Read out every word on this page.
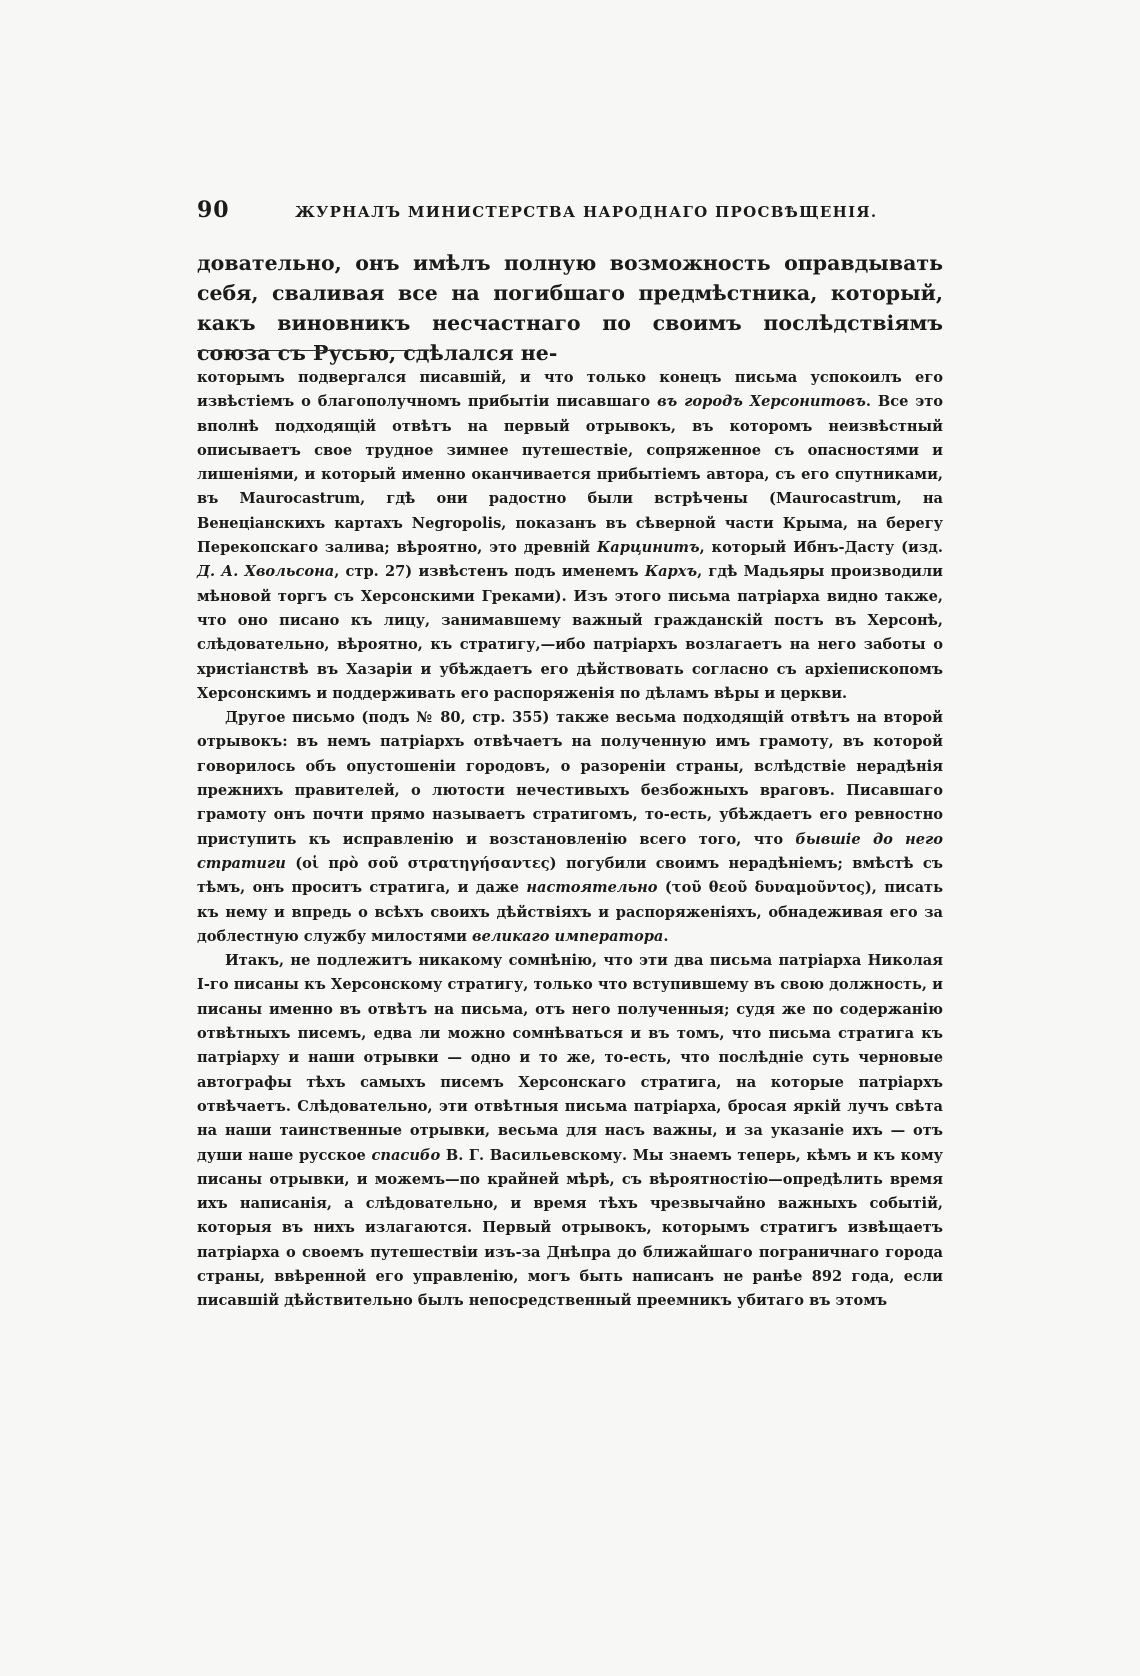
90	ЖУРНАЛЪ МИНИСТЕРСТВА НАРОДНАГО ПРОСВѢЩЕНІЯ.

довательно, онъ имѣлъ полную возможность оправдывать себя, сваливая все на погибшаго предмѣстника, который, какъ виновникъ несчастнаго по своимъ послѣдствіямъ союза съ Русью, сдѣлался не-

которымъ подвергался писавшій, и что только конецъ письма успокоилъ его извѣстіемъ о благополучномъ прибытіи писавшаго въ городъ Херсонитовъ. Все это вполнѣ подходящій отвѣтъ на первый отрывокъ, въ которомъ неизвѣстный описываетъ свое трудное зимнее путешествіе, сопряженное съ опасностями и лишеніями, и который именно оканчивается прибытіемъ автора, съ его спутниками, въ Maurocastrum, гдѣ они радостно были встрѣчены (Maurocastrum, на Венеціанскихъ картахъ Negropolis, показанъ въ сѣверной части Крыма, на берегу Перекопскаго залива; вѣроятно, это древній Карцинитъ, который Ибнъ-Дасту (изд. Д. А. Хвольсона, стр. 27) извѣстенъ подъ именемъ Кархъ, гдѣ Мадьяры производили мѣновой торгъ съ Херсонскими Греками). Изъ этого письма патріарха видно также, что оно писано къ лицу, занимавшему важный гражданскій постъ въ Херсонѣ, слѣдовательно, вѣроятно, къ стратигу,—ибо патріархъ возлагаетъ на него заботы о христіанствѣ въ Хазаріи и убѣждаетъ его дѣйствовать согласно съ архіепископомъ Херсонскимъ и поддерживать его распоряженія по дѣламъ вѣры и церкви.

Другое письмо (подъ № 80, стр. 355) также весьма подходящій отвѣтъ на второй отрывокъ: въ немъ патріархъ отвѣчаетъ на полученную имъ грамоту, въ которой говорилось объ опустошеніи городовъ, о разореніи страны, вслѣдствіе нерадѣнія прежнихъ правителей, о лютости нечестивыхъ безбожныхъ враговъ. Писавшаго грамоту онъ почти прямо называетъ стратигомъ, то-есть, убѣждаетъ его ревностно приступить къ исправленію и возстановленію всего того, что бывшіе до него стратиги (οἱ πρὸ σοῦ στρατηγήσαντες) погубили своимъ нерадѣніемъ; вмѣстѣ съ тѣмъ, онъ проситъ стратига, и даже настоятельно (τοῦ θεοῦ δυναμοῦντος), писать къ нему и впредь о всѣхъ своихъ дѣйствіяхъ и распоряженіяхъ, обнадеживая его за доблестную службу милостями великаго императора.

Итакъ, не подлежитъ никакому сомнѣнію, что эти два письма патріарха Николая I-го писаны къ Херсонскому стратигу, только что вступившему въ свою должность, и писаны именно въ отвѣтъ на письма, отъ него полученныя; судя же по содержанію отвѣтныхъ писемъ, едва ли можно сомнѣваться и въ томъ, что письма стратига къ патріарху и наши отрывки — одно и то же, то-есть, что послѣдніе суть черновые автографы тѣхъ самыхъ писемъ Херсонскаго стратига, на которые патріархъ отвѣчаетъ. Слѣдовательно, эти отвѣтныя письма патріарха, бросая яркій лучъ свѣта на наши таинственные отрывки, весьма для насъ важны, и за указаніе ихъ — отъ души наше русское спасибо В. Г. Васильевскому. Мы знаемъ теперь, кѣмъ и къ кому писаны отрывки, и можемъ—по крайней мѣрѣ, съ вѣроятностію—опредѣлить время ихъ написанія, а слѣдовательно, и время тѣхъ чрезвычайно важныхъ событій, которыя въ нихъ излагаются. Первый отрывокъ, которымъ стратигъ извѣщаетъ патріарха о своемъ путешествіи изъ-за Днѣпра до ближайшаго пограничнаго города страны, ввѣренной его управленію, могъ быть написанъ не ранѣе 892 года, если писавшій дѣйствительно былъ непосредственный преемникъ убитаго въ этомъ
